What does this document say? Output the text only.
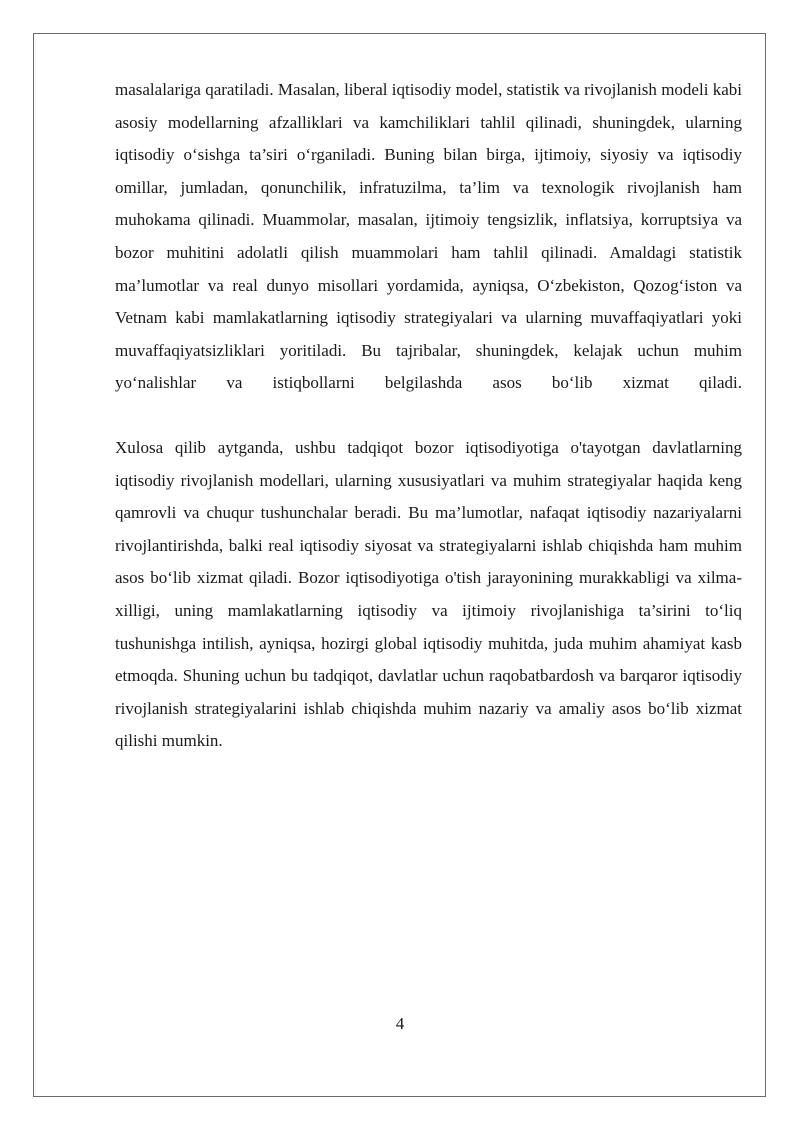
masalalariga qaratiladi. Masalan, liberal iqtisodiy model, statistik va rivojlanish modeli kabi asosiy modellarning afzalliklari va kamchiliklari tahlil qilinadi, shuningdek, ularning iqtisodiy o‘sishga ta’siri o‘rganiladi. Buning bilan birga, ijtimoiy, siyosiy va iqtisodiy omillar, jumladan, qonunchilik, infratuzilma, ta’lim va texnologik rivojlanish ham muhokama qilinadi. Muammolar, masalan, ijtimoiy tengsizlik, inflatsiya, korruptsiya va bozor muhitini adolatli qilish muammolari ham tahlil qilinadi. Amaldagi statistik ma’lumotlar va real dunyo misollari yordamida, ayniqsa, O‘zbekiston, Qozog‘iston va Vetnam kabi mamlakatlarning iqtisodiy strategiyalari va ularning muvaffaqiyatlari yoki muvaffaqiyatsizliklari yoritiladi. Bu tajribalar, shuningdek, kelajak uchun muhim yo‘nalishlar va istiqbollarni belgilashda asos bo‘lib xizmat qiladi.

Xulosa qilib aytganda, ushbu tadqiqot bozor iqtisodiyotiga o'tayotgan davlatlarning iqtisodiy rivojlanish modellari, ularning xususiyatlari va muhim strategiyalar haqida keng qamrovli va chuqur tushunchalar beradi. Bu ma’lumotlar, nafaqat iqtisodiy nazariyalarni rivojlantirishda, balki real iqtisodiy siyosat va strategiyalarni ishlab chiqishda ham muhim asos bo‘lib xizmat qiladi. Bozor iqtisodiyotiga o'tish jarayonining murakkabligi va xilma-xilligi, uning mamlakatlarning iqtisodiy va ijtimoiy rivojlanishiga ta’sirini to‘liq tushunishga intilish, ayniqsa, hozirgi global iqtisodiy muhitda, juda muhim ahamiyat kasb etmoqda. Shuning uchun bu tadqiqot, davlatlar uchun raqobatbardosh va barqaror iqtisodiy rivojlanish strategiyalarini ishlab chiqishda muhim nazariy va amaliy asos bo‘lib xizmat qilishi mumkin.

4
